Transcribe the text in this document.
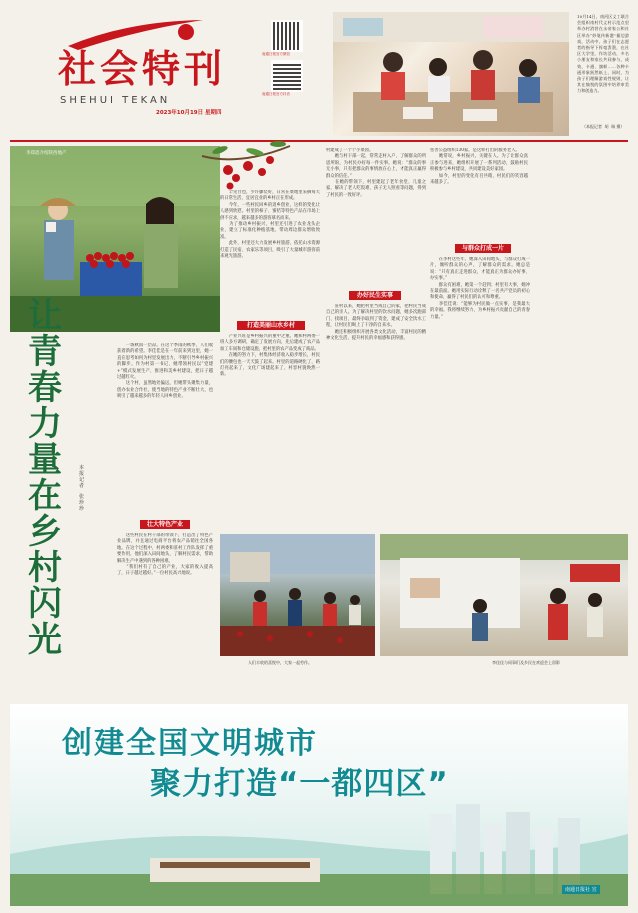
社会特刊
SHEHUI TEKAN
2023年10月19日 星期四
南通日报官方微信
南通日报官方抖音
10月14日，南河区义工联合会组织南村代义村示范点里举办村消营在永帝家公和社区举办“妙笔传新港”描边游戏，活动中，孩子们在志愿者的指导下挥毫泼墨，在社区大学里，作坊活动，多名小朋友和家长共同参与，成效，卡通、旗帜……各种卡通形象跃然纸上，同时，为孩子们理解游戏性规则，让其在愉悦的氛围中培养审美力和创造力。
（本报记者  胡  瑞 摄）
李郑恩介绍陕西地产
让青春力量在乡村闪光
本报记者
张珍珍
　　一场秋雨一层凉。在这个季雨的秋季，人们收获着新的希望。李佳佳是在一年前来到这里，她一直在思考如何为村里发展出力，不断引导乡村振兴的脚步。作为村第一书记，她带领村民以“党建+”模式发展生产，推进和美乡村建设，把日子越过越红火。
　　这个村，虽然地处偏远，但她带头聚集力量，创办农业合作社，使当地的特色产业不断壮大，也吸引了越来越多的年轻人回乡创业。
壮大特色产业
　　这些村民在村干部的带领下，打造出了特色产业品牌，并且通过电商平台将农产品销往全国各地。在这个过程中，村两委和驻村工作队发挥了重要作用，他们深入田间地头，了解村民需求，帮助解决生产中遇到的各种困难。
　　“我们村有了自己的产业，大家的收入提高了，日子越过越好。”一位村民高兴地说。
　　罕见甘也，少许藤装好，日常在菜地里采摘每天的日常生活，宜居宜业的乡村正在形成。
　　今年，一些村民回乡的返乡创业，这样的变化让人感到欣慰。村里的柿子、蜜桔等特色产品在市场上供不应求，越来越多的游客慕名而来。
　　为了推动乡村振兴，村里还引进了农业龙头企业，建立了标准化种植基地，带动周边群众增收致富。
　　此外，村里还大力发展乡村旅游，依托山水资源打造了民宿、农家乐等项目，吸引了大量城市游客前来观光旅游。
打造美丽山水乡村
　　产业兴旺是乡村振兴的重中之重。她和村两委一班人多方调研，确定了发展方向，先后建成了农产品加工车间和仓储设施，把村里的农产品变成了商品。
　　在她的努力下，村集体经济收入稳步增长，村民们的腰包也一天天鼓了起来。村里的道路硬化了，路灯亮起来了，文化广场建起来了，村容村貌焕然一新。
村建成了一个个小菜园。
　　她与村干部一起，常常走村入户，了解群众的所思所盼，为村民办好每一件实事。她说：“群众的事无小事，只有把群众的事情放在心上，才能真正赢得群众的信任。”
　　在她的带领下，村里建起了老年食堂、儿童之家，解决了老人吃饭难、孩子无人照看等问题，得到了村民的一致好评。
办好民生实事
　　驻村以来，她把村里当成自己的家，把村民当成自己的亲人。为了解决村里的饮水问题，她多次跑部门、找项目，最终争取到了资金，建成了安全饮水工程，让村民们喝上了干净的自来水。
　　她还积极组织开展各类文化活动，丰富村民的精神文化生活，提升村民的幸福感和获得感。
慈善公益组织130家，是这样打出的服务老人。
　　她常说，乡村振兴，关键在人。为了让群众真正参与进来，她组织开展了一系列活动，鼓励村民积极参与乡村建设，共同建设美好家园。
　　如今，村里的变化有目共睹，村民们的笑容越来越多了。
与群众打成一片
　　在李村这些年，她深入田间地头，与群众打成一片，倾听群众的心声，了解群众的需求。她总是说：“只有真正走进群众，才能真正为群众办好事、办实事。”
　　群众有困难，她第一个赶到；村里有大事，她冲在最前面。她用实际行动诠释了一名共产党员的初心和使命，赢得了村民们的认可和尊重。
　　李佳佳说：“能够为村民做一点实事，是我最大的幸福。我将继续努力，为乡村振兴贡献自己的青春力量。”
人们丰收的喜悦中，大家一起劳作。	李佳佳与同事们及乡民在欢迎会上留影
创建全国文明城市
聚力打造“一都四区”
南通日报社 宣
